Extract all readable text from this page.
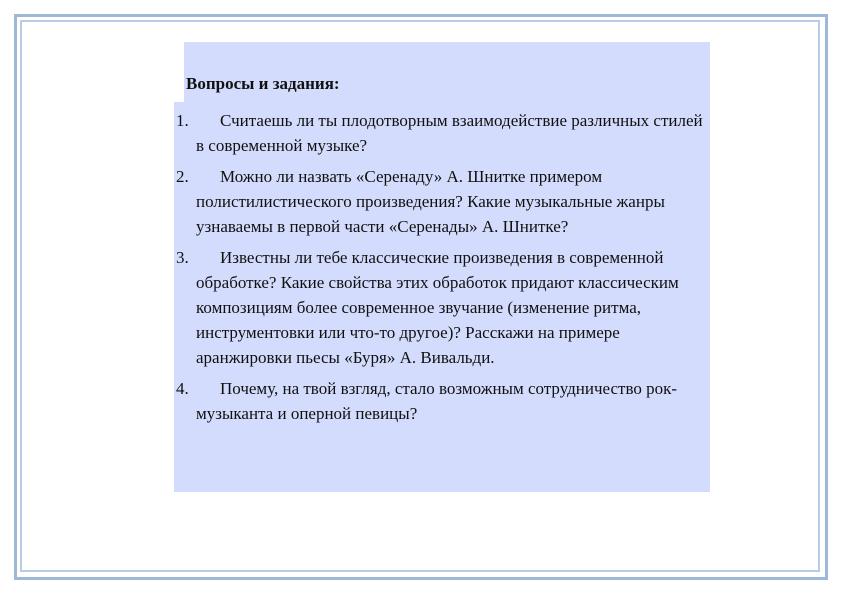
Вопросы и задания:
1.	Считаешь ли ты плодотворным взаимодействие различных стилей в современной музыке?
2.	Можно ли назвать «Серенаду» А. Шнитке примером полистилистического произведения? Какие музыкальные жанры узнаваемы в первой части «Серенады» А. Шнитке?
3.	Известны ли тебе классические произведения в современной обработке? Какие свойства этих обработок придают классическим композициям более современное звучание (изменение ритма, инструментовки или что-то другое)? Расскажи на примере аранжировки пьесы «Буря» А. Вивальди.
4.	Почему, на твой взгляд, стало возможным сотрудничество рок-музыканта и оперной певицы?
